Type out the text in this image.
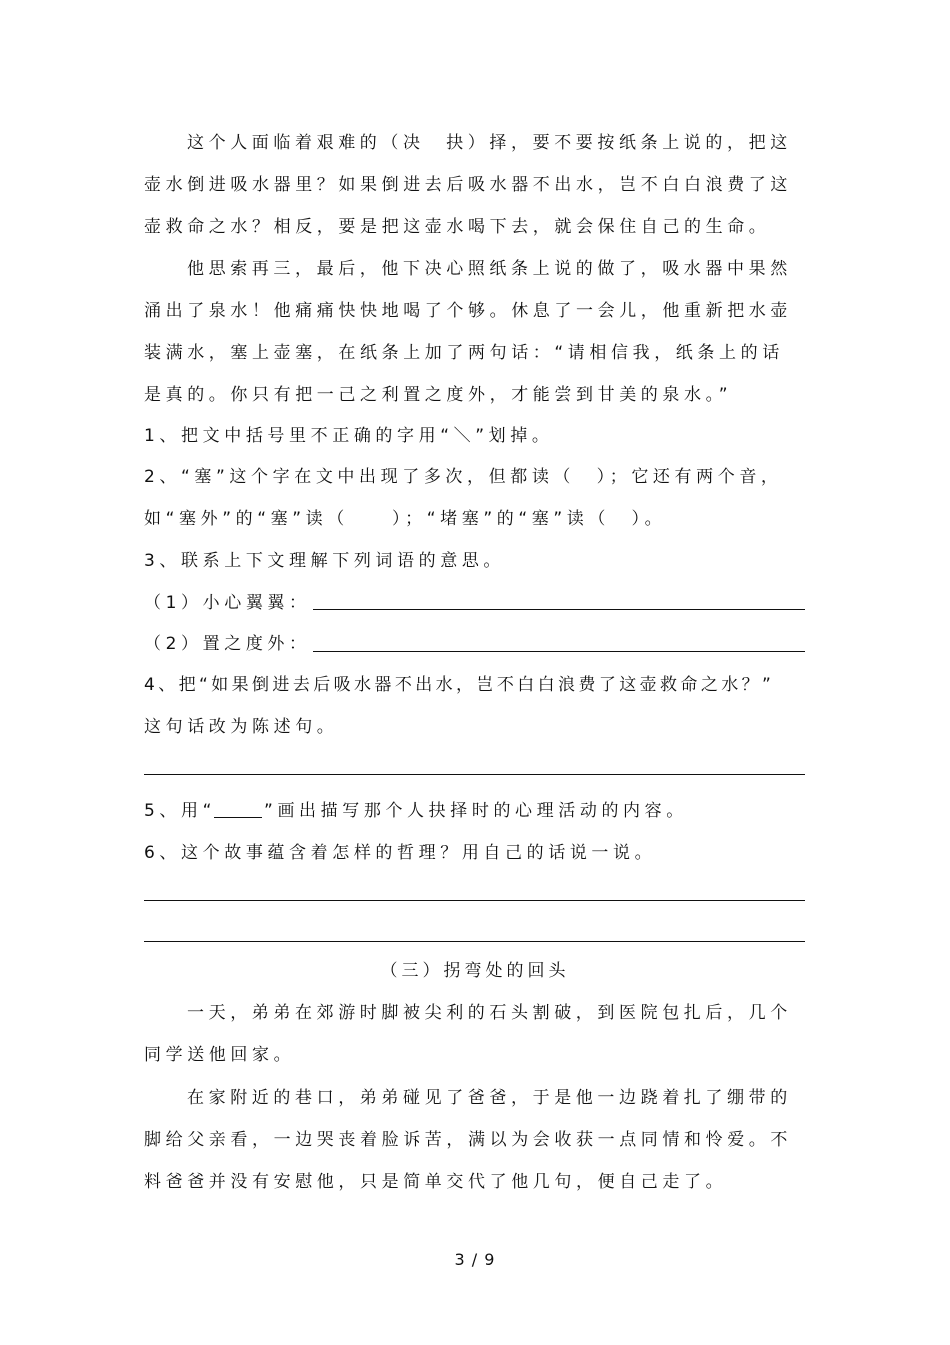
这个人面临着艰难的（决　抉）择，要不要按纸条上说的，把这
壶水倒进吸水器里？如果倒进去后吸水器不出水，岂不白白浪费了这
壶救命之水？相反，要是把这壶水喝下去，就会保住自己的生命。
他思索再三，最后，他下决心照纸条上说的做了，吸水器中果然
涌出了泉水！他痛痛快快地喝了个够。休息了一会儿，他重新把水壶
装满水，塞上壶塞，在纸条上加了两句话：“请相信我，纸条上的话
是真的。你只有把一己之利置之度外，才能尝到甘美的泉水。”
1、把文中括号里不正确的字用“＼”划掉。
2、“塞”这个字在文中出现了多次，但都读（　）；它还有两个音，
如“塞外”的“塞”读（　　）；“堵塞”的“塞”读（　）。
3、联系上下文理解下列词语的意思。
（1）小心翼翼：
（2）置之度外：
4、把“如果倒进去后吸水器不出水，岂不白白浪费了这壶救命之水？”
这句话改为陈述句。
5、用“	”画出描写那个人抉择时的心理活动的内容。
6、这个故事蕴含着怎样的哲理？用自己的话说一说。
（三）拐弯处的回头
一天，弟弟在郊游时脚被尖利的石头割破，到医院包扎后，几个
同学送他回家。
在家附近的巷口，弟弟碰见了爸爸，于是他一边跷着扎了绷带的
脚给父亲看，一边哭丧着脸诉苦，满以为会收获一点同情和怜爱。不
料爸爸并没有安慰他，只是简单交代了他几句，便自己走了。
3 / 9
